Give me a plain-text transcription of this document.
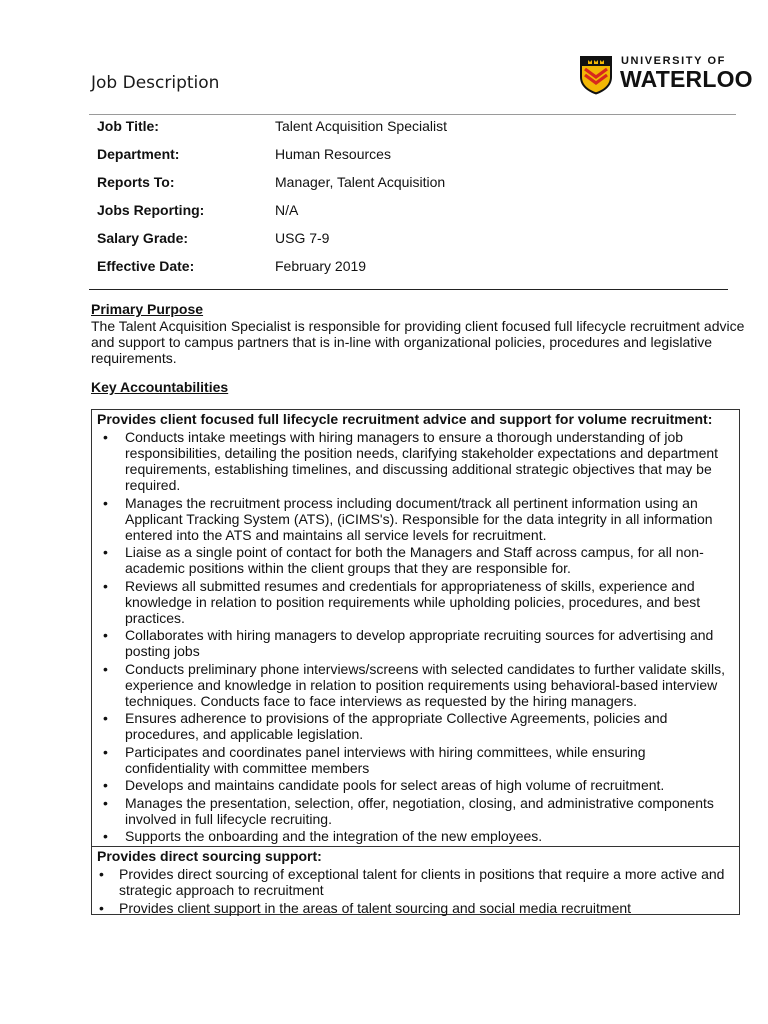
Job Description
UNIVERSITY OF
WATERLOO
Job Title:	Talent Acquisition Specialist
Department:	Human Resources
Reports To:	Manager, Talent Acquisition
Jobs Reporting:	N/A
Salary Grade:	USG 7-9
Effective Date:	February 2019
Primary Purpose
The Talent Acquisition Specialist is responsible for providing client focused full lifecycle recruitment advice and support to campus partners that is in-line with organizational policies, procedures and legislative requirements.
Key Accountabilities
Provides client focused full lifecycle recruitment advice and support for volume recruitment:
• Conducts intake meetings with hiring managers to ensure a thorough understanding of job responsibilities, detailing the position needs, clarifying stakeholder expectations and department requirements, establishing timelines, and discussing additional strategic objectives that may be required.
• Manages the recruitment process including document/track all pertinent information using an Applicant Tracking System (ATS), (iCIMS's). Responsible for the data integrity in all information entered into the ATS and maintains all service levels for recruitment.
• Liaise as a single point of contact for both the Managers and Staff across campus, for all non-academic positions within the client groups that they are responsible for.
• Reviews all submitted resumes and credentials for appropriateness of skills, experience and knowledge in relation to position requirements while upholding policies, procedures, and best practices.
• Collaborates with hiring managers to develop appropriate recruiting sources for advertising and posting jobs
• Conducts preliminary phone interviews/screens with selected candidates to further validate skills, experience and knowledge in relation to position requirements using behavioral-based interview techniques. Conducts face to face interviews as requested by the hiring managers.
• Ensures adherence to provisions of the appropriate Collective Agreements, policies and procedures, and applicable legislation.
• Participates and coordinates panel interviews with hiring committees, while ensuring confidentiality with committee members
• Develops and maintains candidate pools for select areas of high volume of recruitment.
• Manages the presentation, selection, offer, negotiation, closing, and administrative components involved in full lifecycle recruiting.
• Supports the onboarding and the integration of the new employees.
Provides direct sourcing support:
• Provides direct sourcing of exceptional talent for clients in positions that require a more active and strategic approach to recruitment
• Provides client support in the areas of talent sourcing and social media recruitment
